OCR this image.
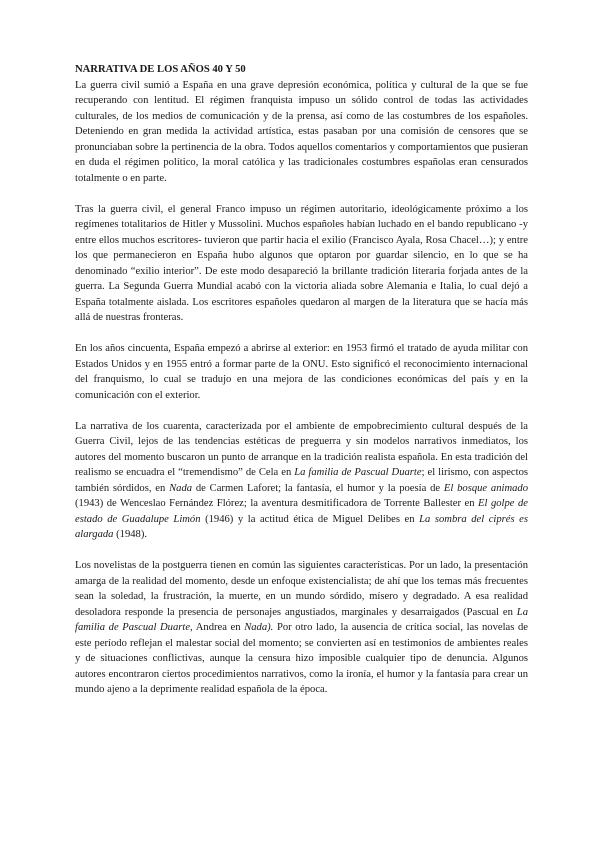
NARRATIVA DE LOS AÑOS 40 Y 50

La guerra civil sumió a España en una grave depresión económica, política y cultural de la que se fue recuperando con lentitud. El régimen franquista impuso un sólido control de todas las actividades culturales, de los medios de comunicación y de la prensa, así como de las costumbres de los españoles. Deteniendo en gran medida la actividad artística, estas pasaban por una comisión de censores que se pronunciaban sobre la pertinencia de la obra. Todos aquellos comentarios y comportamientos que pusieran en duda el régimen político, la moral católica y las tradicionales costumbres españolas eran censurados totalmente o en parte.

Tras la guerra civil, el general Franco impuso un régimen autoritario, ideológicamente próximo a los regímenes totalitarios de Hitler y Mussolini. Muchos españoles habían luchado en el bando republicano -y entre ellos muchos escritores- tuvieron que partir hacia el exilio (Francisco Ayala, Rosa Chacel…); y entre los que permanecieron en España hubo algunos que optaron por guardar silencio, en lo que se ha denominado “exilio interior”. De este modo desapareció la brillante tradición literaria forjada antes de la guerra. La Segunda Guerra Mundial acabó con la victoria aliada sobre Alemania e Italia, lo cual dejó a España totalmente aislada. Los escritores españoles quedaron al margen de la literatura que se hacía más allá de nuestras fronteras.

En los años cincuenta, España empezó a abrirse al exterior: en 1953 firmó el tratado de ayuda militar con Estados Unidos y en 1955 entró a formar parte de la ONU. Esto significó el reconocimiento internacional del franquismo, lo cual se tradujo en una mejora de las condiciones económicas del país y en la comunicación con el exterior.

La narrativa de los cuarenta, caracterizada por el ambiente de empobrecimiento cultural después de la Guerra Civil, lejos de las tendencias estéticas de preguerra y sin modelos narrativos inmediatos, los autores del momento buscaron un punto de arranque en la tradición realista española. En esta tradición del realismo se encuadra el “tremendismo” de Cela en La familia de Pascual Duarte; el lirismo, con aspectos también sórdidos, en Nada de Carmen Laforet; la fantasía, el humor y la poesía de El bosque animado (1943) de Wenceslao Fernández Flórez; la aventura desmitificadora de Torrente Ballester en El golpe de estado de Guadalupe Limón (1946) y la actitud ética de Miguel Delibes en La sombra del ciprés es alargada (1948).

Los novelistas de la postguerra tienen en común las siguientes características. Por un lado, la presentación amarga de la realidad del momento, desde un enfoque existencialista; de ahí que los temas más frecuentes sean la soledad, la frustración, la muerte, en un mundo sórdido, mísero y degradado. A esa realidad desoladora responde la presencia de personajes angustiados, marginales y desarraigados (Pascual en La familia de Pascual Duarte, Andrea en Nada). Por otro lado, la ausencia de crítica social, las novelas de este período reflejan el malestar social del momento; se convierten así en testimonios de ambientes reales y de situaciones conflictivas, aunque la censura hizo imposible cualquier tipo de denuncia. Algunos autores encontraron ciertos procedimientos narrativos, como la ironía, el humor y la fantasía para crear un mundo ajeno a la deprimente realidad española de la época.
